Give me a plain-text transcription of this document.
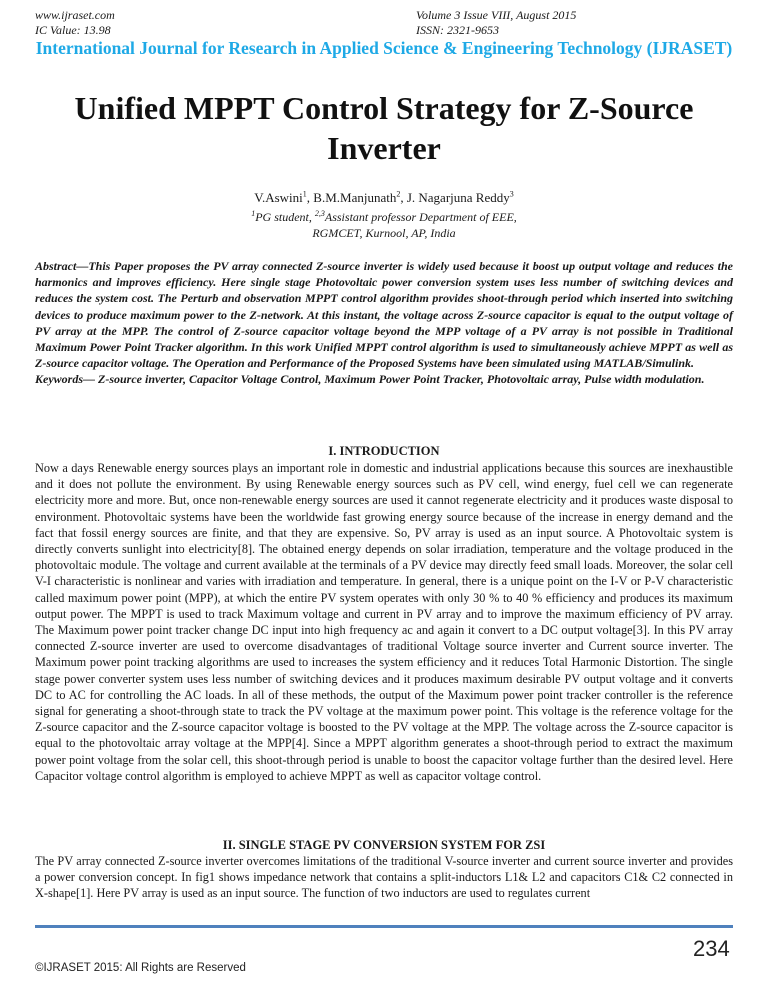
www.ijraset.com
IC Value: 13.98
Volume 3 Issue VIII, August 2015
ISSN: 2321-9653
International Journal for Research in Applied Science & Engineering Technology (IJRASET)
Unified MPPT Control Strategy for Z-Source Inverter
V.Aswini$^1$, B.M.Manjunath$^2$, J. Nagarjuna Reddy$^3$
$^1$PG student, $^{2,3}$Assistant professor Department of EEE,
RGMCET, Kurnool, AP, India

Abstract—This Paper proposes the PV array connected Z-source inverter is widely used because it boost up output voltage and reduces the harmonics and improves efficiency. Here single stage Photovoltaic power conversion system uses less number of switching devices and reduces the system cost. The Perturb and observation MPPT control algorithm provides shoot-through period which inserted into switching devices to produce maximum power to the Z-network. At this instant, the voltage across Z-source capacitor is equal to the output voltage of PV array at the MPP. The control of Z-source capacitor voltage beyond the MPP voltage of a PV array is not possible in Traditional Maximum Power Point Tracker algorithm. In this work Unified MPPT control algorithm is used to simultaneously achieve MPPT as well as Z-source capacitor voltage. The Operation and Performance of the Proposed Systems have been simulated using MATLAB/Simulink.

Keywords— Z-source inverter, Capacitor Voltage Control, Maximum Power Point Tracker, Photovoltaic array, Pulse width modulation.

I. INTRODUCTION

Now a days Renewable energy sources plays an important role in domestic and industrial applications because this sources are inexhaustible and it does not pollute the environment. By using Renewable energy sources such as PV cell, wind energy, fuel cell we can regenerate electricity more and more. But, once non-renewable energy sources are used it cannot regenerate electricity and it produces waste disposal to environment. Photovoltaic systems have been the worldwide fast growing energy source because of the increase in energy demand and the fact that fossil energy sources are finite, and that they are expensive. So, PV array is used as an input source. A Photovoltaic system is directly converts sunlight into electricity[8]. The obtained energy depends on solar irradiation, temperature and the voltage produced in the photovoltaic module. The voltage and current available at the terminals of a PV device may directly feed small loads. Moreover, the solar cell V-I characteristic is nonlinear and varies with irradiation and temperature. In general, there is a unique point on the I-V or P-V characteristic called maximum power point (MPP), at which the entire PV system operates with only 30 % to 40 % efficiency and produces its maximum output power. The MPPT is used to track Maximum voltage and current in PV array and to improve the maximum efficiency of PV array. The Maximum power point tracker change DC input into high frequency ac and again it convert to a DC output voltage[3]. In this PV array connected Z-source inverter are used to overcome disadvantages of traditional Voltage source inverter and Current source inverter. The Maximum power point tracking algorithms are used to increases the system efficiency and it reduces Total Harmonic Distortion. The single stage power converter system uses less number of switching devices and it produces maximum desirable PV output voltage and it converts DC to AC for controlling the AC loads. In all of these methods, the output of the Maximum power point tracker controller is the reference signal for generating a shoot-through state to track the PV voltage at the maximum power point. This voltage is the reference voltage for the Z-source capacitor and the Z-source capacitor voltage is boosted to the PV voltage at the MPP. The voltage across the Z-source capacitor is equal to the photovoltaic array voltage at the MPP[4]. Since a MPPT algorithm generates a shoot-through period to extract the maximum power point voltage from the solar cell, this shoot-through period is unable to boost the capacitor voltage further than the desired level. Here Capacitor voltage control algorithm is employed to achieve MPPT as well as capacitor voltage control.

II. SINGLE STAGE PV CONVERSION SYSTEM FOR ZSI

The PV array connected Z-source inverter overcomes limitations of the traditional V-source inverter and current source inverter and provides a power conversion concept. In fig1 shows impedance network that contains a split-inductors L1& L2 and capacitors C1& C2 connected in X-shape[1]. Here PV array is used as an input source. The function of two inductors are used to regulates current

234
©IJRASET 2015: All Rights are Reserved
